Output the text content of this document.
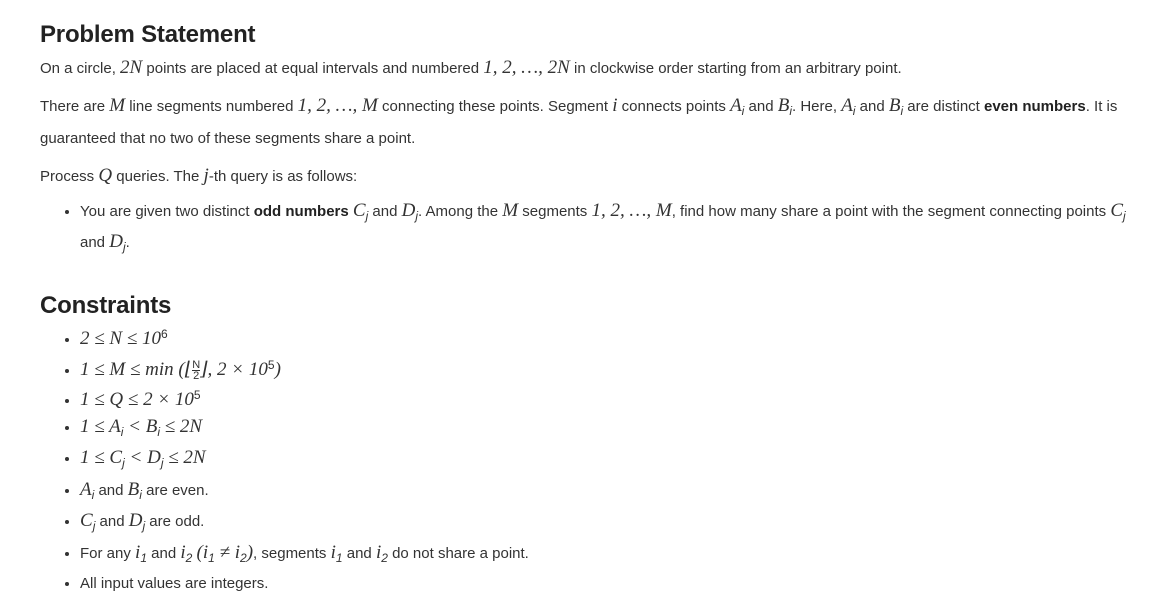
Problem Statement

On a circle, 2N points are placed at equal intervals and numbered 1, 2, …, 2N in clockwise order starting from an arbitrary point.

There are M line segments numbered 1, 2, …, M connecting these points. Segment i connects points $A_i$ and $B_i$. Here, $A_i$ and $B_i$ are distinct even numbers. It is guaranteed that no two of these segments share a point.

Process Q queries. The j-th query is as follows:

• You are given two distinct odd numbers $C_j$ and $D_j$. Among the M segments 1, 2, …, M, find how many share a point with the segment connecting points $C_j$ and $D_j$.
Constraints
• $2 \le N \le 10^6$
• 1 ≤ M ≤ min (⌊ $\frac{N}{2}$ ⌋, $2 \times 10^5$)
• $1 \le Q \le 2 \times 10^5$
• $1 \le A_i < B_i \le 2N$
• $1 \le C_j < D_j \le 2N$
• $A_i$ and $B_i$ are even.
• $C_j$ and $D_j$ are odd.
• For any $i_1$ and $i_2$ $(i_1 \ne i_2)$, segments $i_1$ and $i_2$ do not share a point.
• All input values are integers.
